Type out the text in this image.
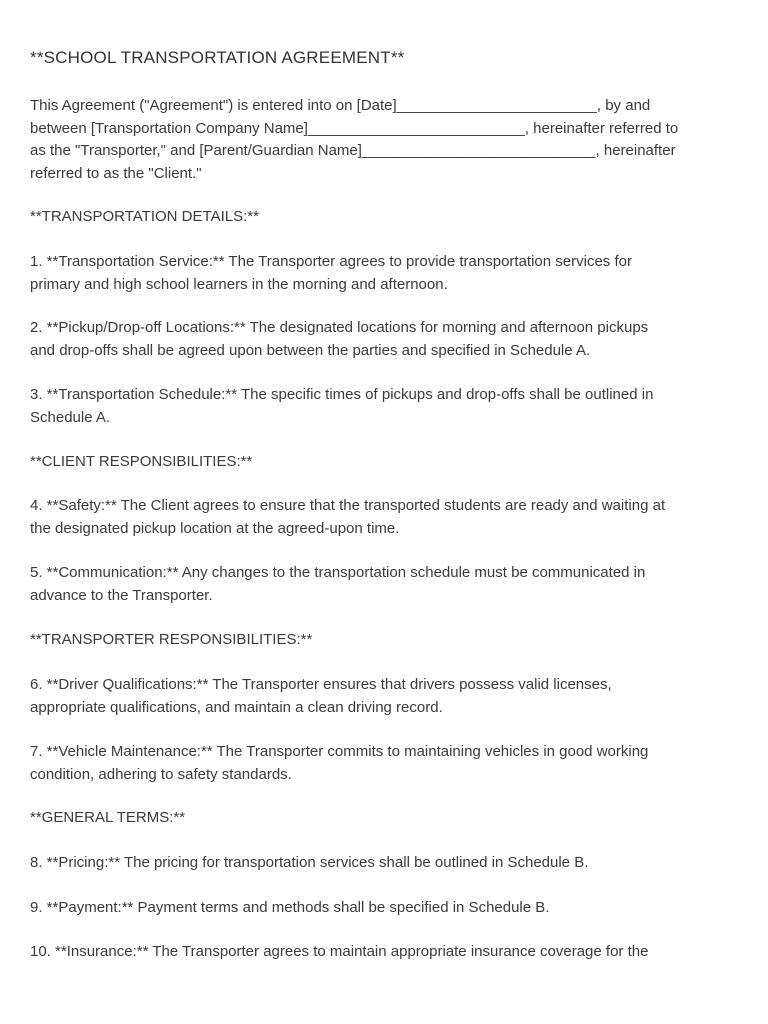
**SCHOOL TRANSPORTATION AGREEMENT**
This Agreement ("Agreement") is entered into on [Date]________________________, by and
between [Transportation Company Name]__________________________, hereinafter referred to
as the "Transporter," and [Parent/Guardian Name]____________________________, hereinafter
referred to as the "Client."
**TRANSPORTATION DETAILS:**
1. **Transportation Service:** The Transporter agrees to provide transportation services for
primary and high school learners in the morning and afternoon.
2. **Pickup/Drop-off Locations:** The designated locations for morning and afternoon pickups
and drop-offs shall be agreed upon between the parties and specified in Schedule A.
3. **Transportation Schedule:** The specific times of pickups and drop-offs shall be outlined in
Schedule A.
**CLIENT RESPONSIBILITIES:**
4. **Safety:** The Client agrees to ensure that the transported students are ready and waiting at
the designated pickup location at the agreed-upon time.
5. **Communication:** Any changes to the transportation schedule must be communicated in
advance to the Transporter.
**TRANSPORTER RESPONSIBILITIES:**
6. **Driver Qualifications:** The Transporter ensures that drivers possess valid licenses,
appropriate qualifications, and maintain a clean driving record.
7. **Vehicle Maintenance:** The Transporter commits to maintaining vehicles in good working
condition, adhering to safety standards.
**GENERAL TERMS:**
8. **Pricing:** The pricing for transportation services shall be outlined in Schedule B.
9. **Payment:** Payment terms and methods shall be specified in Schedule B.
10. **Insurance:** The Transporter agrees to maintain appropriate insurance coverage for the
